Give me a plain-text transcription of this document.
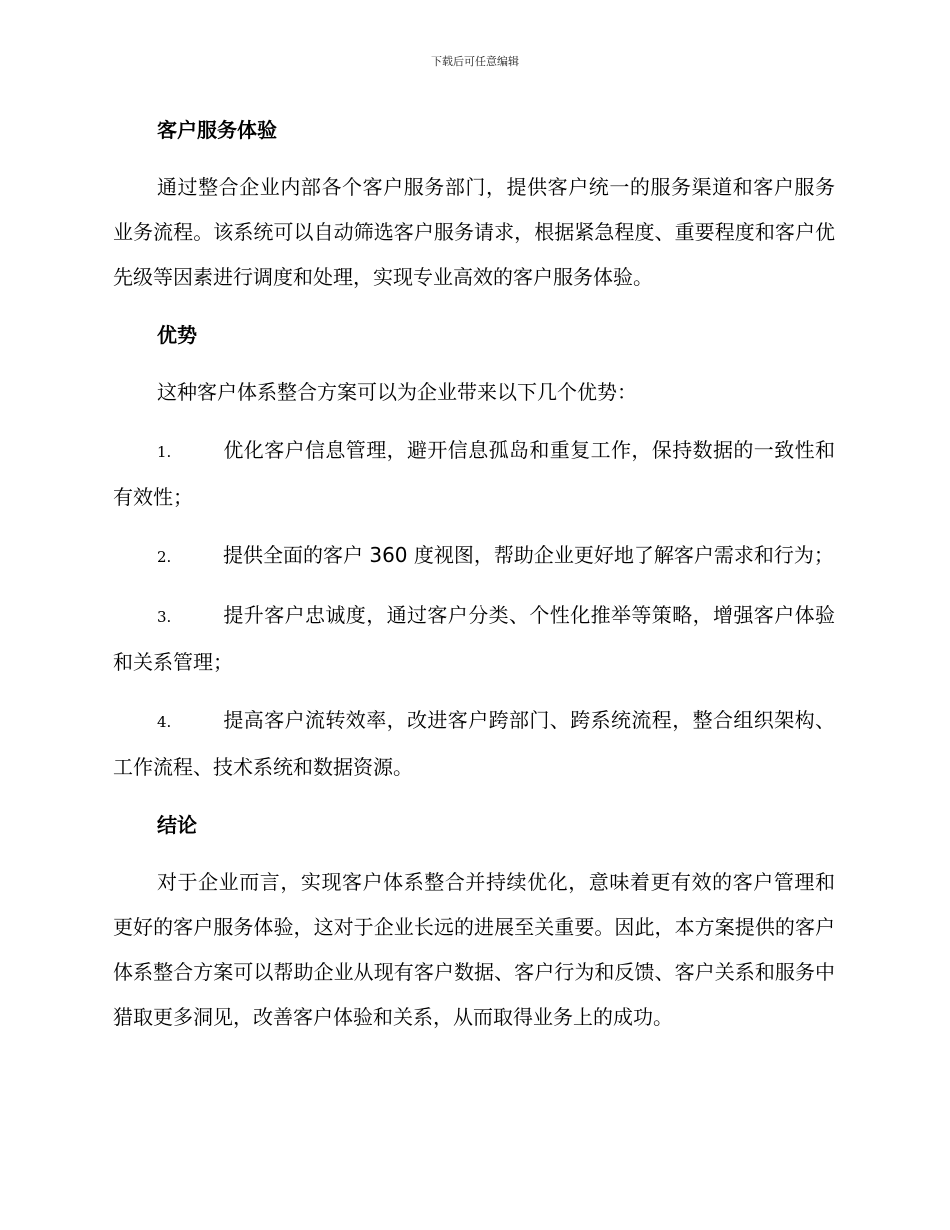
下载后可任意编辑
客户服务体验

通过整合企业内部各个客户服务部门，提供客户统一的服务渠道和客户服务业务流程。该系统可以自动筛选客户服务请求，根据紧急程度、重要程度和客户优先级等因素进行调度和处理，实现专业高效的客户服务体验。

优势

这种客户体系整合方案可以为企业带来以下几个优势：

1.	优化客户信息管理，避开信息孤岛和重复工作，保持数据的一致性和有效性；

2.	提供全面的客户 360 度视图，帮助企业更好地了解客户需求和行为；

3.	提升客户忠诚度，通过客户分类、个性化推举等策略，增强客户体验和关系管理；

4.	提高客户流转效率，改进客户跨部门、跨系统流程，整合组织架构、工作流程、技术系统和数据资源。

结论

对于企业而言，实现客户体系整合并持续优化，意味着更有效的客户管理和更好的客户服务体验，这对于企业长远的进展至关重要。因此，本方案提供的客户体系整合方案可以帮助企业从现有客户数据、客户行为和反馈、客户关系和服务中猎取更多洞见，改善客户体验和关系，从而取得业务上的成功。
